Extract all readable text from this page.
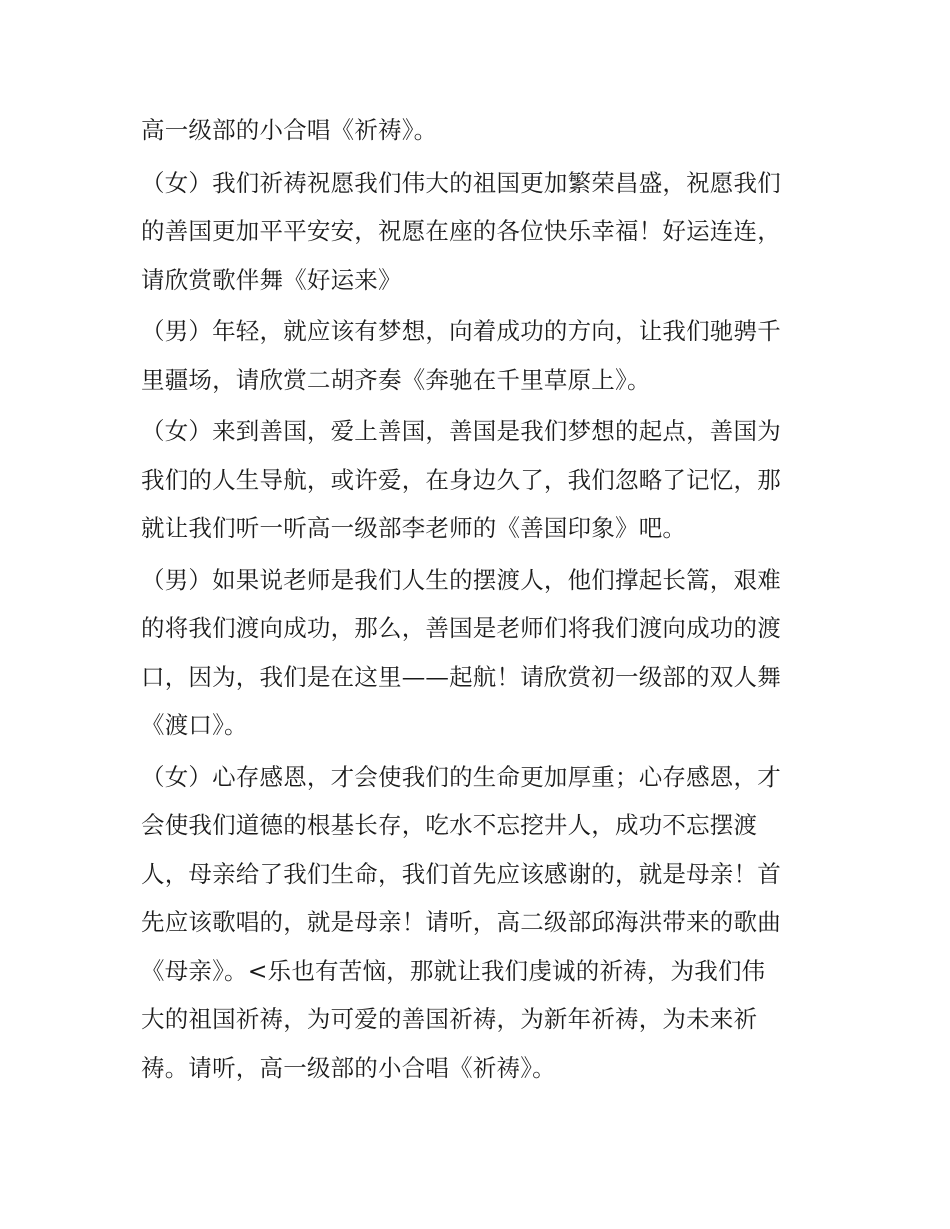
高一级部的小合唱《祈祷》。
（女）我们祈祷祝愿我们伟大的祖国更加繁荣昌盛，祝愿我们
的善国更加平平安安，祝愿在座的各位快乐幸福！好运连连，
请欣赏歌伴舞《好运来》
（男）年轻，就应该有梦想，向着成功的方向，让我们驰骋千
里疆场，请欣赏二胡齐奏《奔驰在千里草原上》。
（女）来到善国，爱上善国，善国是我们梦想的起点，善国为
我们的人生导航，或许爱，在身边久了，我们忽略了记忆，那
就让我们听一听高一级部李老师的《善国印象》吧。
（男）如果说老师是我们人生的摆渡人，他们撑起长篙，艰难
的将我们渡向成功，那么，善国是老师们将我们渡向成功的渡
口，因为，我们是在这里——起航！请欣赏初一级部的双人舞
《渡口》。
（女）心存感恩，才会使我们的生命更加厚重；心存感恩，才
会使我们道德的根基长存，吃水不忘挖井人，成功不忘摆渡
人，母亲给了我们生命，我们首先应该感谢的，就是母亲！首
先应该歌唱的，就是母亲！请听，高二级部邱海洪带来的歌曲
《母亲》。<乐也有苦恼，那就让我们虔诚的祈祷，为我们伟
大的祖国祈祷，为可爱的善国祈祷，为新年祈祷，为未来祈
祷。请听，高一级部的小合唱《祈祷》。
